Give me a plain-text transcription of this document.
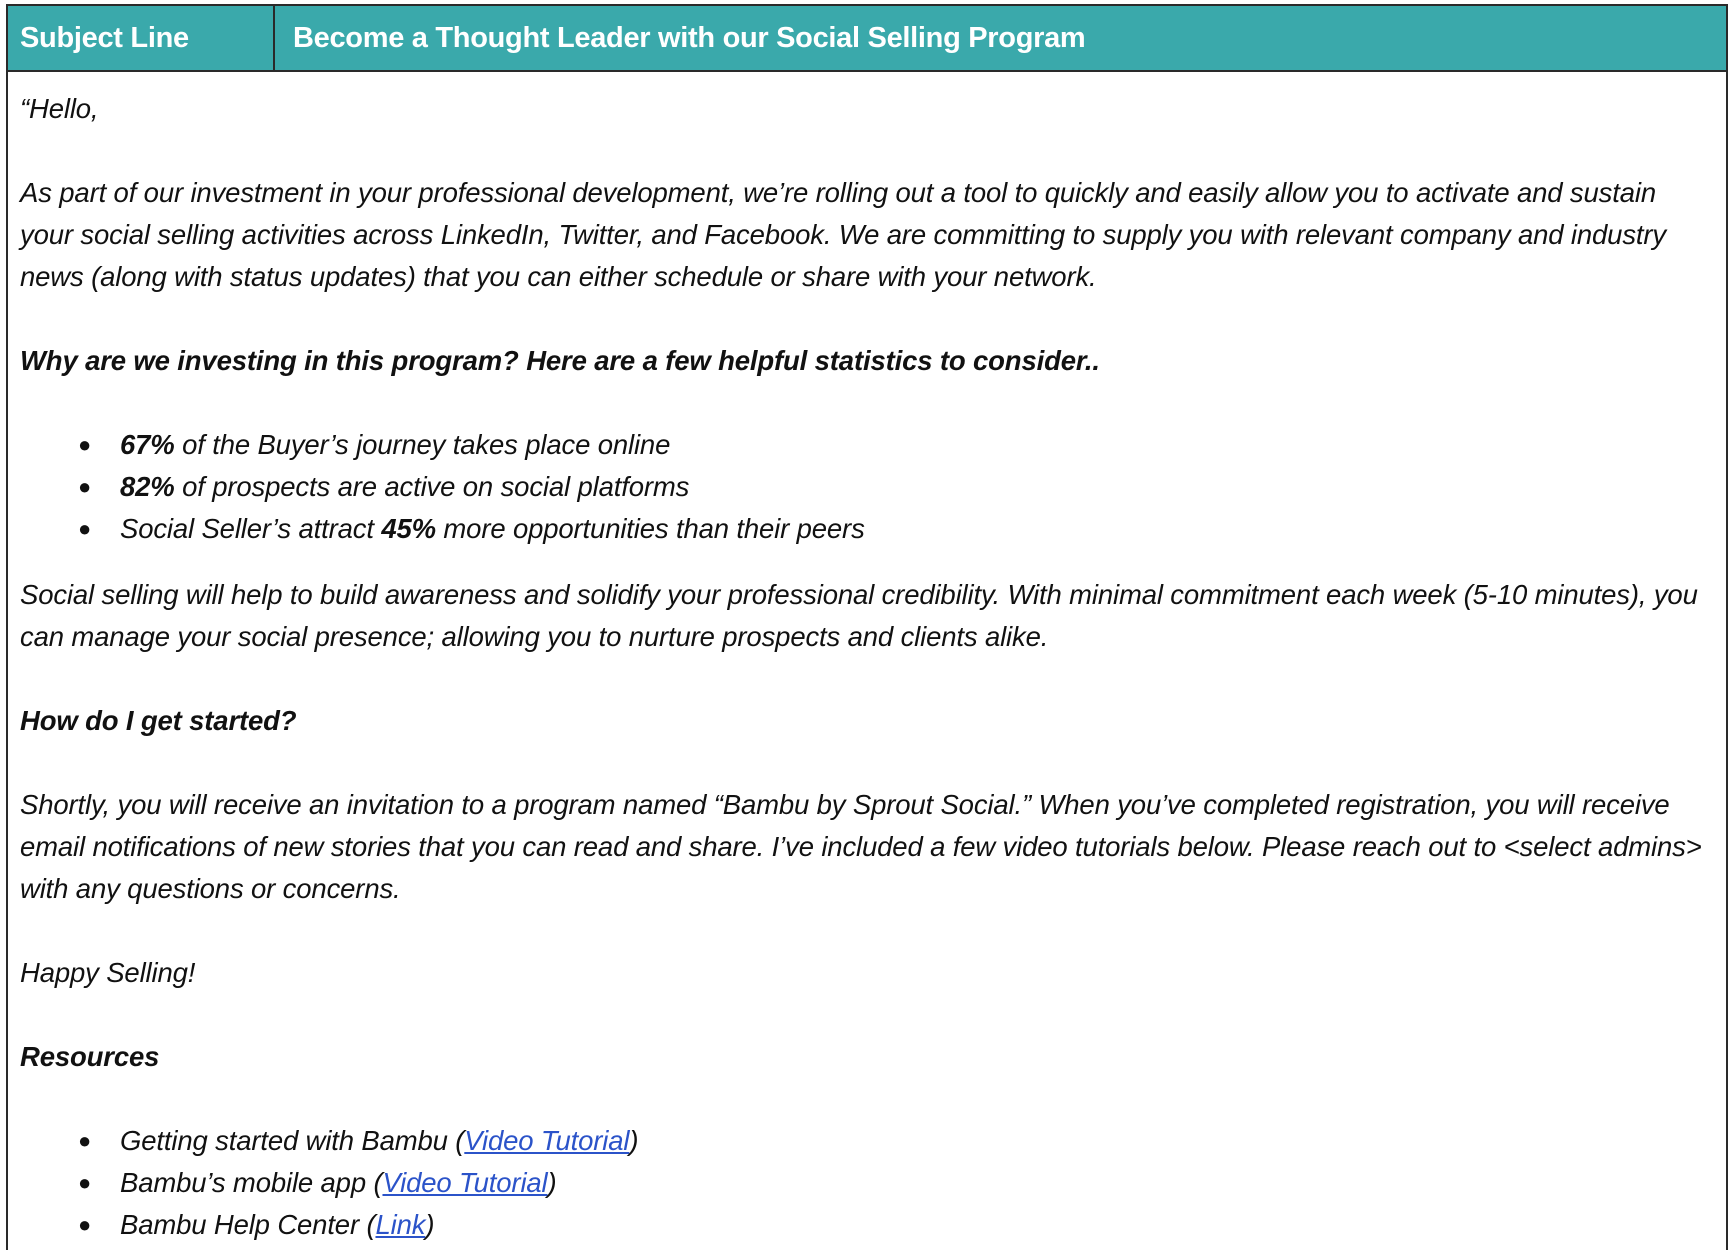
Subject Line	Become a Thought Leader with our Social Selling Program

“Hello,

As part of our investment in your professional development, we’re rolling out a tool to quickly and easily allow you to activate and sustain your social selling activities across LinkedIn, Twitter, and Facebook. We are committing to supply you with relevant company and industry news (along with status updates) that you can either schedule or share with your network.

Why are we investing in this program? Here are a few helpful statistics to consider..

● 67% of the Buyer’s journey takes place online
● 82% of prospects are active on social platforms
● Social Seller’s attract 45% more opportunities than their peers

Social selling will help to build awareness and solidify your professional credibility. With minimal commitment each week (5-10 minutes), you can manage your social presence; allowing you to nurture prospects and clients alike.

How do I get started?

Shortly, you will receive an invitation to a program named “Bambu by Sprout Social.” When you’ve completed registration, you will receive email notifications of new stories that you can read and share. I’ve included a few video tutorials below. Please reach out to <select admins> with any questions or concerns.

Happy Selling!

Resources

● Getting started with Bambu (Video Tutorial)
● Bambu’s mobile app (Video Tutorial)
● Bambu Help Center (Link)
